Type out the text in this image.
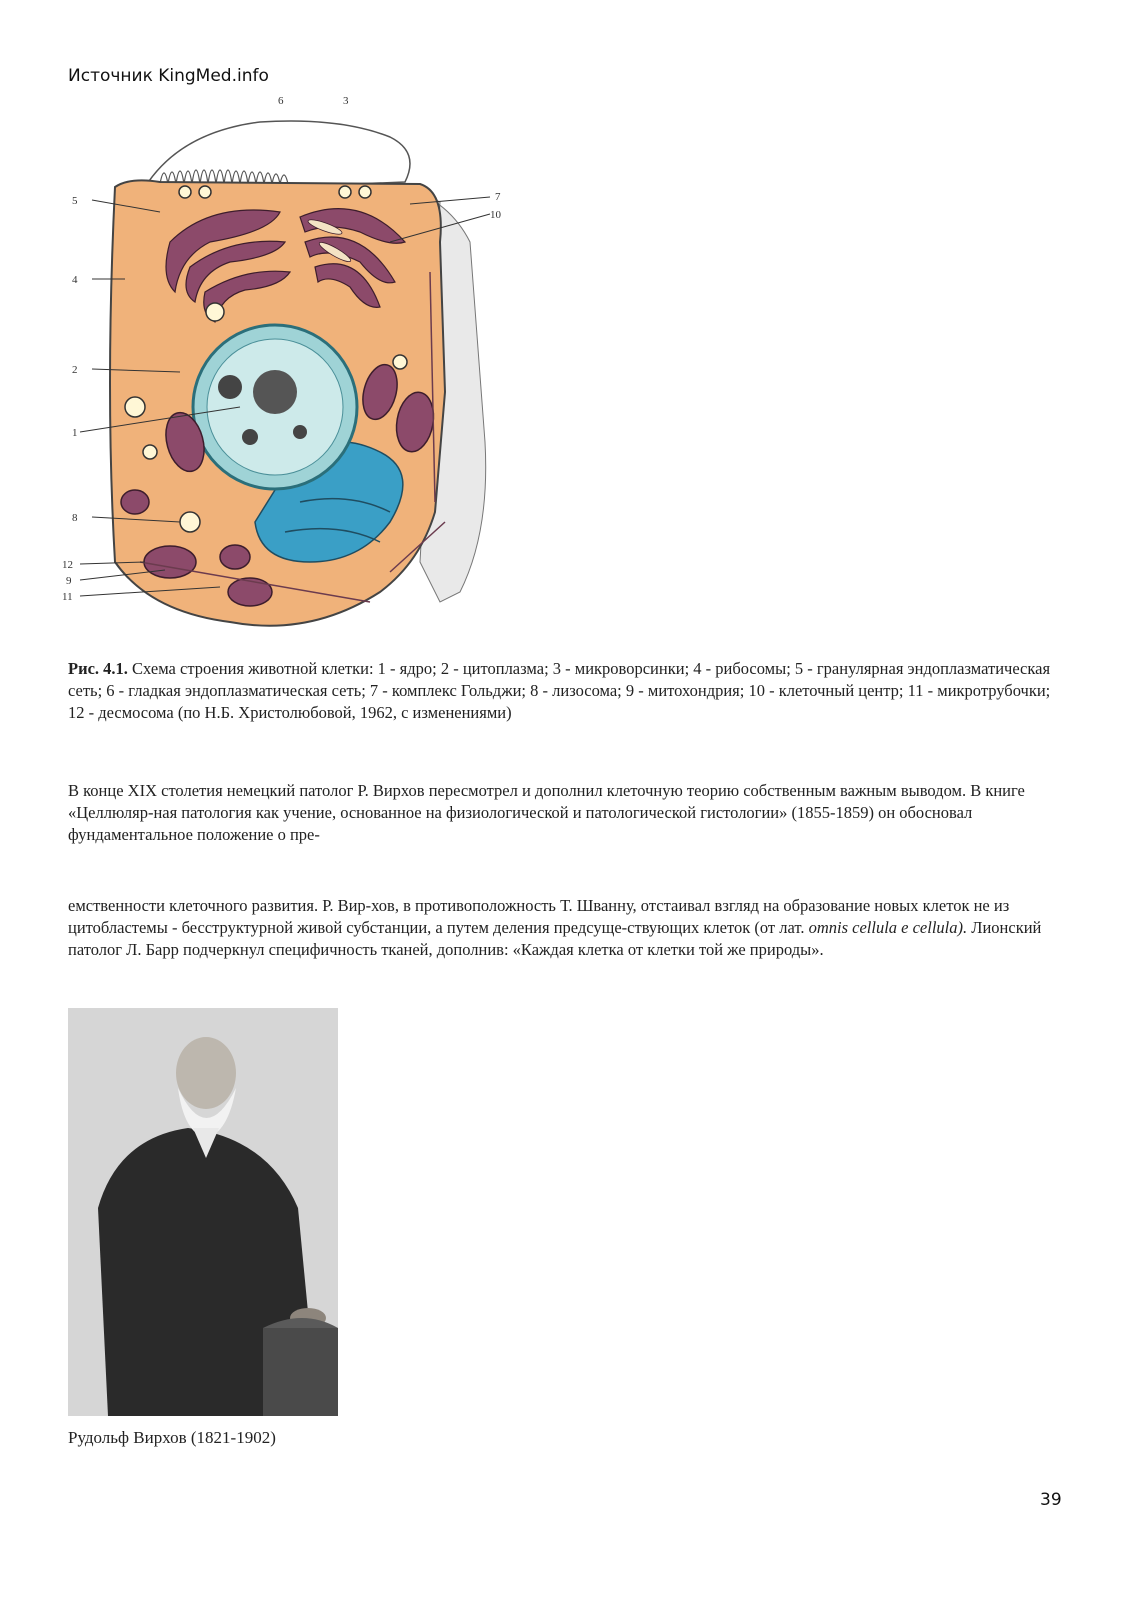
Источник KingMed.info
6	3
7
10
5
4
2
1
8
12
9
11
Рис. 4.1. Схема строения животной клетки: 1 - ядро; 2 - цитоплазма; 3 - микроворсинки; 4 - рибосомы; 5 - гранулярная эндоплазматическая сеть; 6 - гладкая эндоплазматическая сеть; 7 - комплекс Гольджи; 8 - лизосома; 9 - митохондрия; 10 - клеточный центр; 11 - микротрубочки; 12 - десмосома (по Н.Б. Христолюбовой, 1962, с изменениями)
В конце XIX столетия немецкий патолог Р. Вирхов пересмотрел и дополнил клеточную теорию собственным важным выводом. В книге «Целлюляр-ная патология как учение, основанное на физиологической и патологической гистологии» (1855-1859) он обосновал фундаментальное положение о пре-
емственности клеточного развития. Р. Вир-хов, в противоположность Т. Шванну, отстаивал взгляд на образование новых клеток не из цитобластемы - бесструктурной живой субстанции, а путем деления предсуще-ствующих клеток (от лат. omnis cellula e cellula). Лионский патолог Л. Барр подчеркнул специфичность тканей, дополнив: «Каждая клетка от клетки той же природы».
Рудольф Вирхов (1821-1902)
39
